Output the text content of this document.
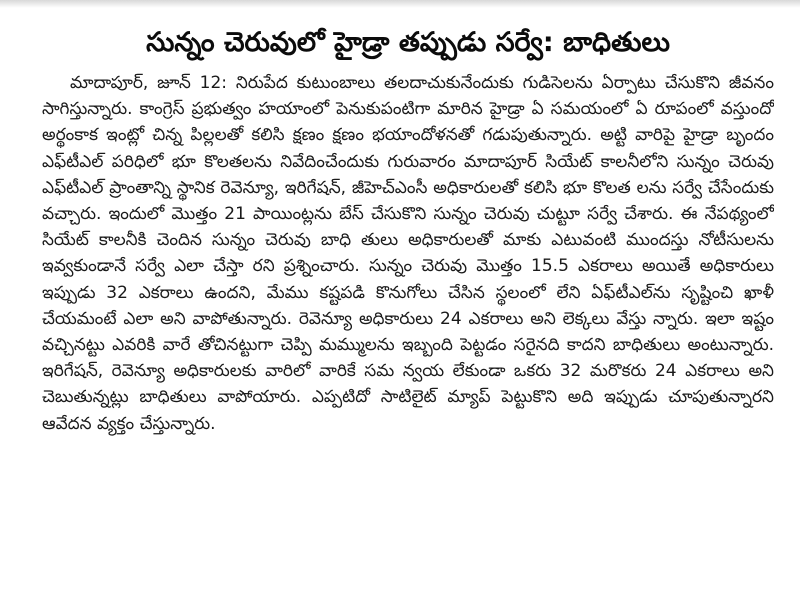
సున్నం చెరువులో హైడ్రా తప్పుడు సర్వే: బాధితులు

మాదాపూర్, జూన్ 12: నిరుపేద కుటుంబాలు తలదాచుకునేందుకు గుడిసెలను ఏర్పాటు చేసుకొని జీవనం సాగిస్తున్నారు. కాంగ్రెస్ ప్రభుత్వం హయాంలో పెనుకుపంటిగా మారిన హైడ్రా ఏ సమయంలో ఏ రూపంలో వస్తుందో అర్థంకాక ఇంట్లో చిన్న పిల్లలతో కలిసి క్షణం క్షణం భయాందోళనతో గడుపుతున్నారు. అట్టి వారిపై హైడ్రా బృందం ఎఫ్‌టీఎల్ పరిధిలో భూ కొలతలను నివేదించేందుకు గురువారం మాదాపూర్ సియేట్ కాలనీలోని సున్నం చెరువు ఎఫ్‌టీఎల్ ప్రాంతాన్ని స్థానిక రెవెన్యూ, ఇరిగేషన్, జీహెచ్‌ఎంసీ అధికారులతో కలిసి భూ కొలత లను సర్వే చేసేందుకు వచ్చారు. ఇందులో మొత్తం 21 పాయింట్లను బేస్ చేసుకొని సున్నం చెరువు చుట్టూ సర్వే చేశారు. ఈ నేపథ్యంలో సియేట్ కాలనీకి చెందిన సున్నం చెరువు బాధి తులు అధికారులతో మాకు ఎటువంటి ముందస్తు నోటీసులను ఇవ్వకుండానే సర్వే ఎలా చేస్తా రని ప్రశ్నించారు. సున్నం చెరువు మొత్తం 15.5 ఎకరాలు అయితే అధికారులు ఇప్పుడు 32 ఎకరాలు ఉందని, మేము కష్టపడి కొనుగోలు చేసిన స్థలంలో లేని ఏఫ్‌టీఎల్‌ను సృష్టించి ఖాళీ చేయమంటే ఎలా అని వాపోతున్నారు. రెవెన్యూ అధికారులు 24 ఎకరాలు అని లెక్కలు వేస్తు న్నారు. ఇలా ఇష్టం వచ్చినట్టు ఎవరికి వారే తోచినట్టుగా చెప్పి మమ్ములను ఇబ్బంది పెట్టడం సరైనది కాదని బాధితులు అంటున్నారు. ఇరిగేషన్, రెవెన్యూ అధికారులకు వారిలో వారికే సమ న్వయ లేకుండా ఒకరు 32 మరొకరు 24 ఎకరాలు అని చెబుతున్నట్లు బాధితులు వాపోయారు. ఎప్పటిదో సాటిలైట్ మ్యాప్ పెట్టుకొని అది ఇప్పుడు చూపుతున్నారని ఆవేదన వ్యక్తం చేస్తున్నారు.
